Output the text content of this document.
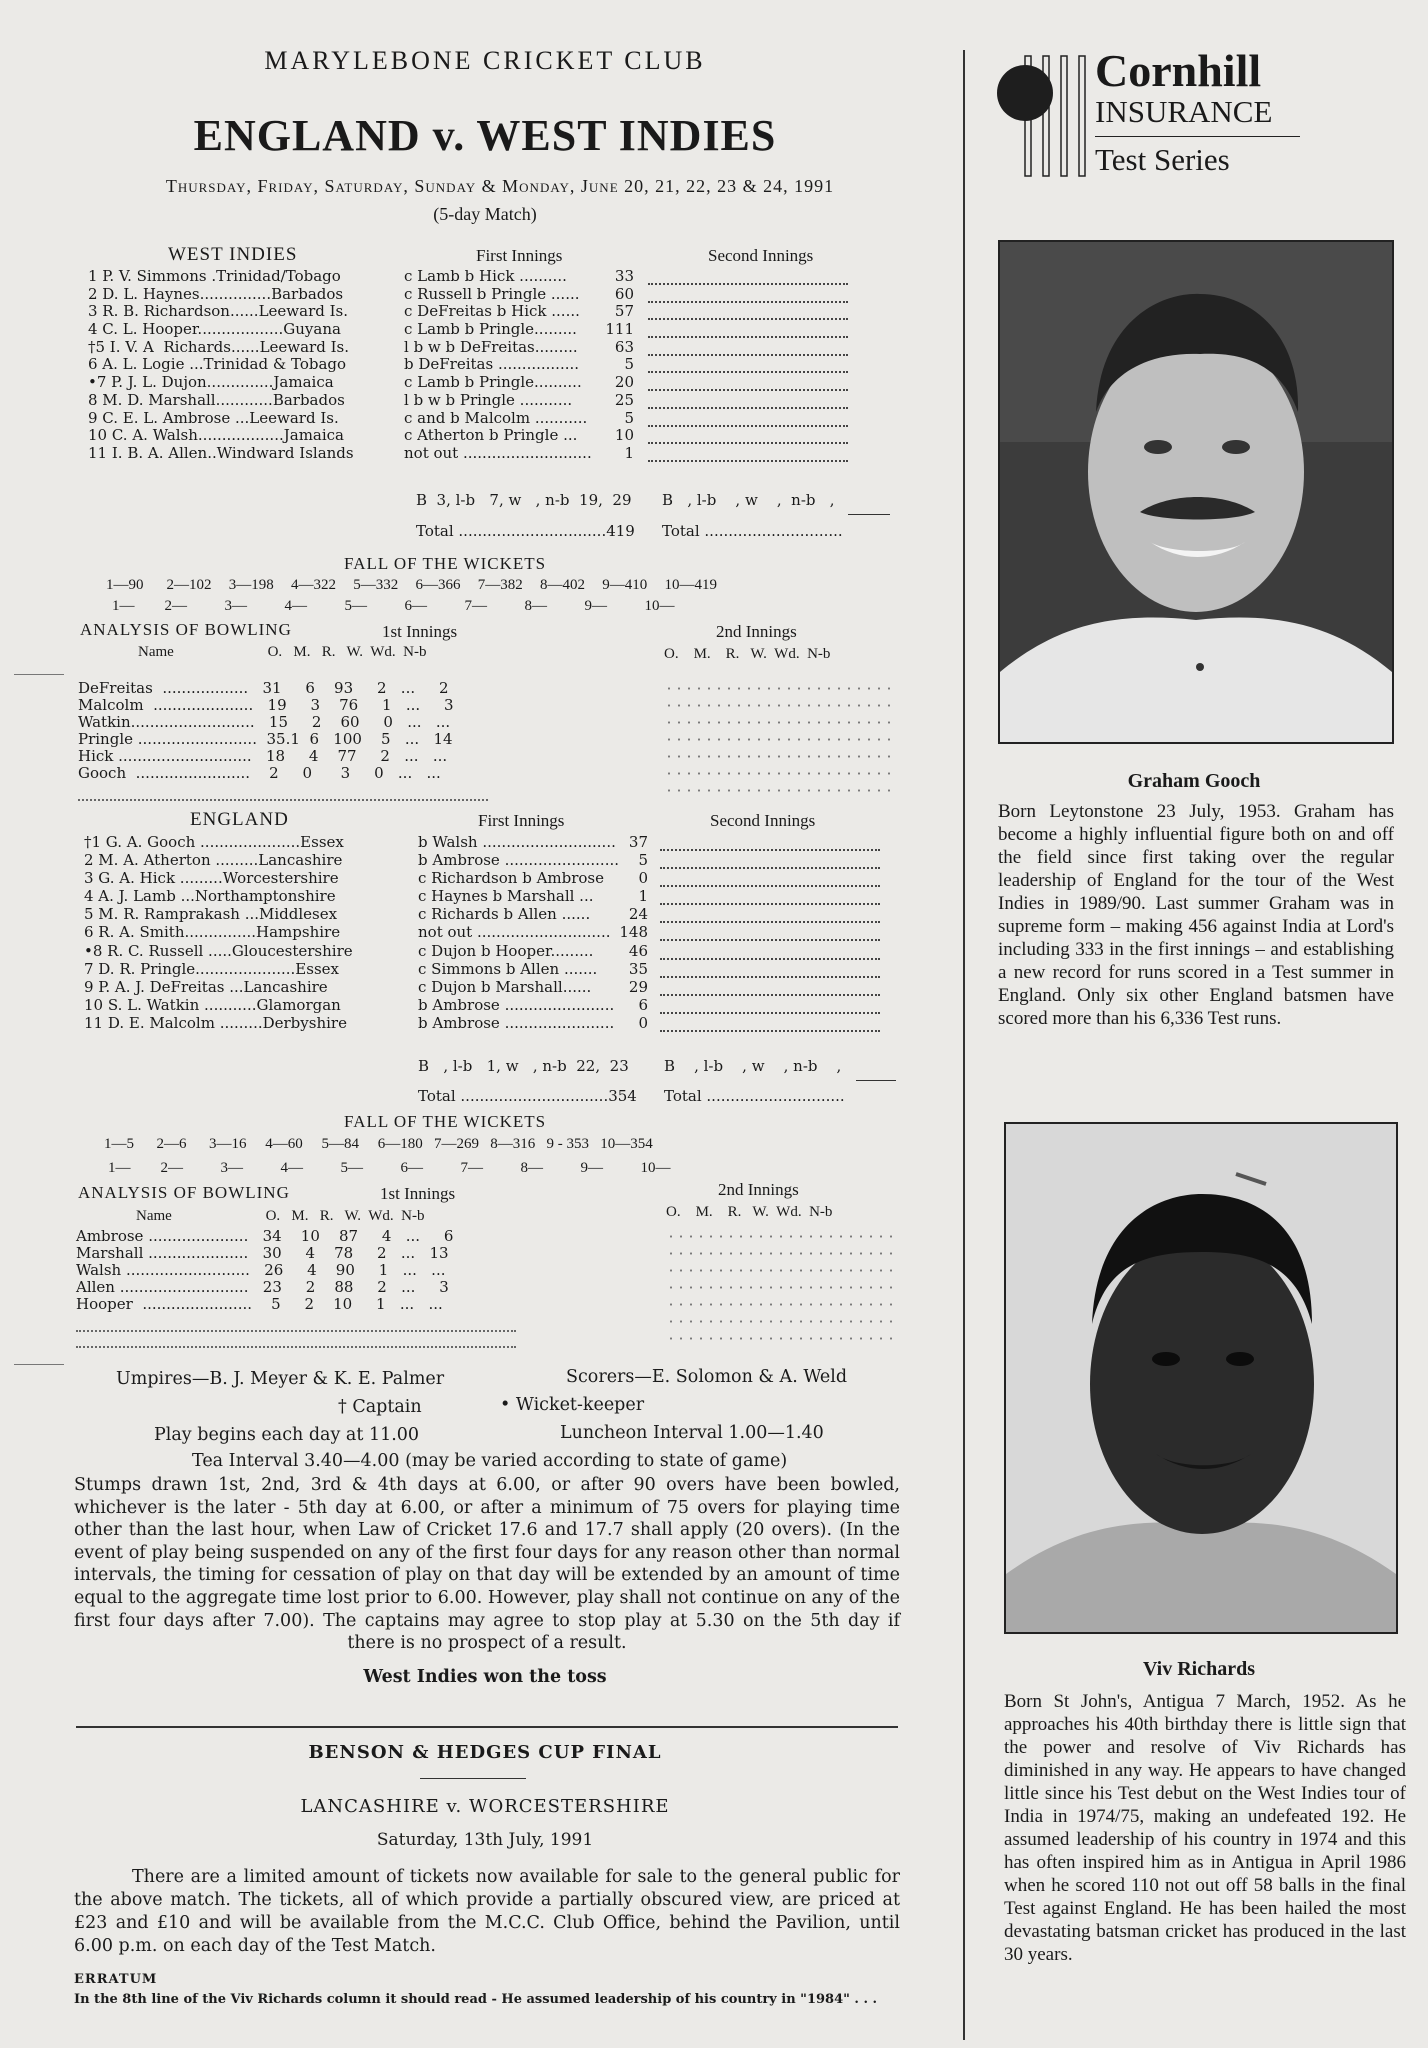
MARYLEBONE CRICKET CLUB
ENGLAND v. WEST INDIES
Thursday, Friday, Saturday, Sunday & Monday, June 20, 21, 22, 23 & 24, 1991
(5-day Match)
Cornhill
INSURANCE
Test Series
WEST INDIES	First Innings	Second Innings
1 P. V. Simmons .Trinidad/Tobago	c Lamb b Hick ..........	33
2 D. L. Haynes...............Barbados	c Russell b Pringle ......	60
3 R. B. Richardson......Leeward Is.	c DeFreitas b Hick ......	57
4 C. L. Hooper..................Guyana	c Lamb b Pringle.........	111
†5 I. V. A  Richards......Leeward Is.	l b w b DeFreitas.........	63
6 A. L. Logie ...Trinidad & Tobago	b DeFreitas .................	5
•7 P. J. L. Dujon..............Jamaica	c Lamb b Pringle..........	20
8 M. D. Marshall............Barbados	l b w b Pringle ...........	25
9 C. E. L. Ambrose ...Leeward Is.	c and b Malcolm ...........	5
10 C. A. Walsh..................Jamaica	c Atherton b Pringle ...	10
11 I. B. A. Allen..Windward Islands	not out ...........................	1
B  3, l-b   7, w   , n-b  19,  29 B   , l-b    , w    ,  n-b   ,
Total ...............................419 Total .............................
FALL OF THE WICKETS
1—90    2—102   3—198   4—322   5—332   6—366   7—382   8—402   9—410   10—419
1—        2—          3—          4—          5—          6—          7—          8—          9—          10—
ANALYSIS OF BOWLING	1st Innings	2nd Innings
Name                         O.   M.   R.   W.  Wd.  N-b	O.    M.    R.   W.  Wd.  N-b
DeFreitas  ..................   31     6    93     2   ...     2
Malcolm  .....................   19     3    76     1   ...     3
Watkin..........................   15     2    60     0   ...   ...
Pringle .........................  35.1  6   100    5   ...   14
Hick ............................   18     4    77     2   ...   ...
Gooch  ........................    2     0      3     0   ...   ...
ENGLAND	First Innings	Second Innings
†1 G. A. Gooch .....................Essex	b Walsh ............................ 37
2 M. A. Atherton .........Lancashire	b Ambrose ........................	5
3 G. A. Hick .........Worcestershire	c Richardson b Ambrose	0
4 A. J. Lamb ...Northamptonshire	c Haynes b Marshall ...	1
5 M. R. Ramprakash ...Middlesex	c Richards b Allen ......	24
6 R. A. Smith...............Hampshire	not out ............................ 148
•8 R. C. Russell .....Gloucestershire	c Dujon b Hooper.........	46
7 D. R. Pringle.....................Essex	c Simmons b Allen .......	35
9 P. A. J. DeFreitas ...Lancashire	c Dujon b Marshall......	29
10 S. L. Watkin ...........Glamorgan	b Ambrose .......................	6
11 D. E. Malcolm .........Derbyshire	b Ambrose .......................	0
B   , l-b   1, w   , n-b  22,  23 B    , l-b    , w    , n-b    ,
Total ...............................354 Total .............................
FALL OF THE WICKETS
1—5      2—6      3—16     4—60     5—84     6—180   7—269   8—316   9 - 353   10—354
1—        2—          3—          4—          5—          6—          7—          8—          9—          10—
ANALYSIS OF BOWLING	1st Innings	2nd Innings
Name                         O.   M.   R.   W.  Wd.  N-b	O.    M.    R.   W.  Wd.  N-b
Ambrose .....................   34    10    87     4   ...     6
Marshall .....................   30     4    78     2   ...   13
Walsh ..........................   26     4    90     1   ...   ...
Allen ...........................   23     2    88     2   ...     3
Hooper  .......................    5     2    10     1   ...   ...
Umpires—B. J. Meyer & K. E. Palmer	Scorers—E. Solomon & A. Weld
† Captain	• Wicket-keeper
Play begins each day at 11.00	Luncheon Interval 1.00—1.40
Tea Interval 3.40—4.00 (may be varied according to state of game)
Stumps drawn 1st, 2nd, 3rd & 4th days at 6.00, or after 90 overs have been bowled, whichever is the later - 5th day at 6.00, or after a minimum of 75 overs for playing time other than the last hour, when Law of Cricket 17.6 and 17.7 shall apply (20 overs). (In the event of play being suspended on any of the first four days for any reason other than normal intervals, the timing for cessation of play on that day will be extended by an amount of time equal to the aggregate time lost prior to 6.00. However, play shall not continue on any of the first four days after 7.00). The captains may agree to stop play at 5.30 on the 5th day if there is no prospect of a result.
West Indies won the toss
BENSON & HEDGES CUP FINAL
LANCASHIRE v. WORCESTERSHIRE
Saturday, 13th July, 1991
There are a limited amount of tickets now available for sale to the general public for the above match. The tickets, all of which provide a partially obscured view, are priced at £23 and £10 and will be available from the M.C.C. Club Office, behind the Pavilion, until 6.00 p.m. on each day of the Test Match.
ERRATUM
In the 8th line of the Viv Richards column it should read - He assumed leadership of his country in "1984" . . .
Graham Gooch
Born Leytonstone 23 July, 1953. Graham has become a highly influential figure both on and off the field since first taking over the regular leadership of England for the tour of the West Indies in 1989/90. Last summer Graham was in supreme form – making 456 against India at Lord's including 333 in the first innings – and establishing a new record for runs scored in a Test summer in England. Only six other England batsmen have scored more than his 6,336 Test runs.
Viv Richards
Born St John's, Antigua 7 March, 1952. As he approaches his 40th birthday there is little sign that the power and resolve of Viv Richards has diminished in any way. He appears to have changed little since his Test debut on the West Indies tour of India in 1974/75, making an undefeated 192. He assumed leadership of his country in 1974 and this has often inspired him as in Antigua in April 1986 when he scored 110 not out off 58 balls in the final Test against England. He has been hailed the most devastating batsman cricket has produced in the last 30 years.
